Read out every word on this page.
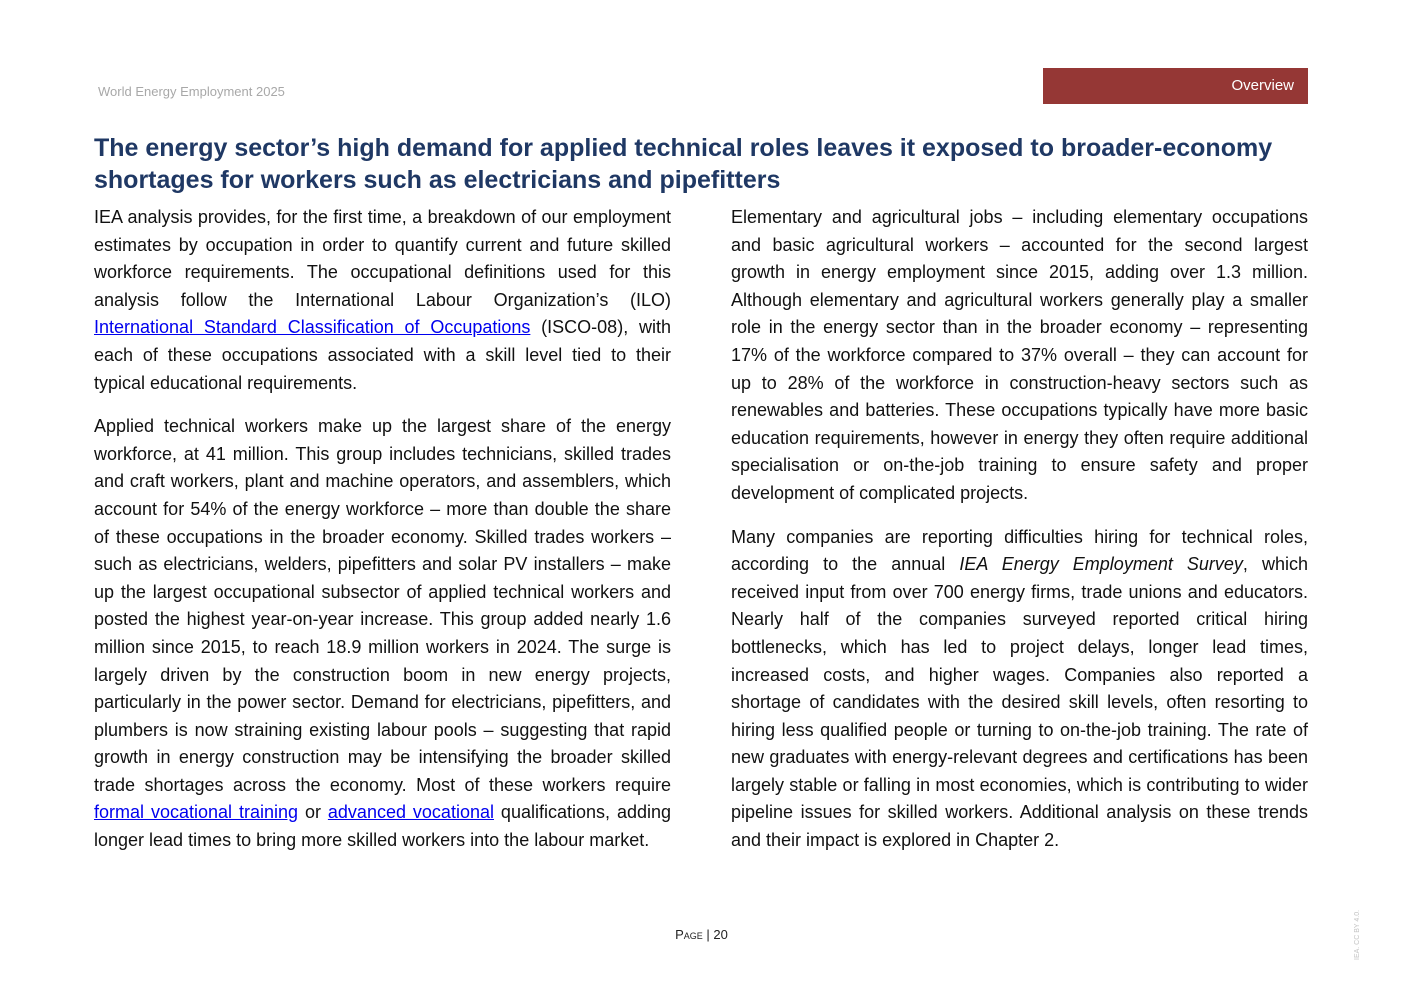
World Energy Employment 2025	Overview
The energy sector’s high demand for applied technical roles leaves it exposed to broader-economy shortages for workers such as electricians and pipefitters

IEA analysis provides, for the first time, a breakdown of our employment estimates by occupation in order to quantify current and future skilled workforce requirements. The occupational definitions used for this analysis follow the International Labour Organization’s (ILO) International Standard Classification of Occupations (ISCO-08), with each of these occupations associated with a skill level tied to their typical educational requirements.

Applied technical workers make up the largest share of the energy workforce, at 41 million. This group includes technicians, skilled trades and craft workers, plant and machine operators, and assemblers, which account for 54% of the energy workforce – more than double the share of these occupations in the broader economy. Skilled trades workers – such as electricians, welders, pipefitters and solar PV installers – make up the largest occupational subsector of applied technical workers and posted the highest year-on-year increase. This group added nearly 1.6 million since 2015, to reach 18.9 million workers in 2024. The surge is largely driven by the construction boom in new energy projects, particularly in the power sector. Demand for electricians, pipefitters, and plumbers is now straining existing labour pools – suggesting that rapid growth in energy construction may be intensifying the broader skilled trade shortages across the economy. Most of these workers require formal vocational training or advanced vocational qualifications, adding longer lead times to bring more skilled workers into the labour market.

Elementary and agricultural jobs – including elementary occupations and basic agricultural workers – accounted for the second largest growth in energy employment since 2015, adding over 1.3 million. Although elementary and agricultural workers generally play a smaller role in the energy sector than in the broader economy – representing 17% of the workforce compared to 37% overall – they can account for up to 28% of the workforce in construction-heavy sectors such as renewables and batteries. These occupations typically have more basic education requirements, however in energy they often require additional specialisation or on-the-job training to ensure safety and proper development of complicated projects.

Many companies are reporting difficulties hiring for technical roles, according to the annual IEA Energy Employment Survey, which received input from over 700 energy firms, trade unions and educators. Nearly half of the companies surveyed reported critical hiring bottlenecks, which has led to project delays, longer lead times, increased costs, and higher wages. Companies also reported a shortage of candidates with the desired skill levels, often resorting to hiring less qualified people or turning to on-the-job training. The rate of new graduates with energy-relevant degrees and certifications has been largely stable or falling in most economies, which is contributing to wider pipeline issues for skilled workers. Additional analysis on these trends and their impact is explored in Chapter 2.

Page | 20	IEA. CC BY 4.0.
